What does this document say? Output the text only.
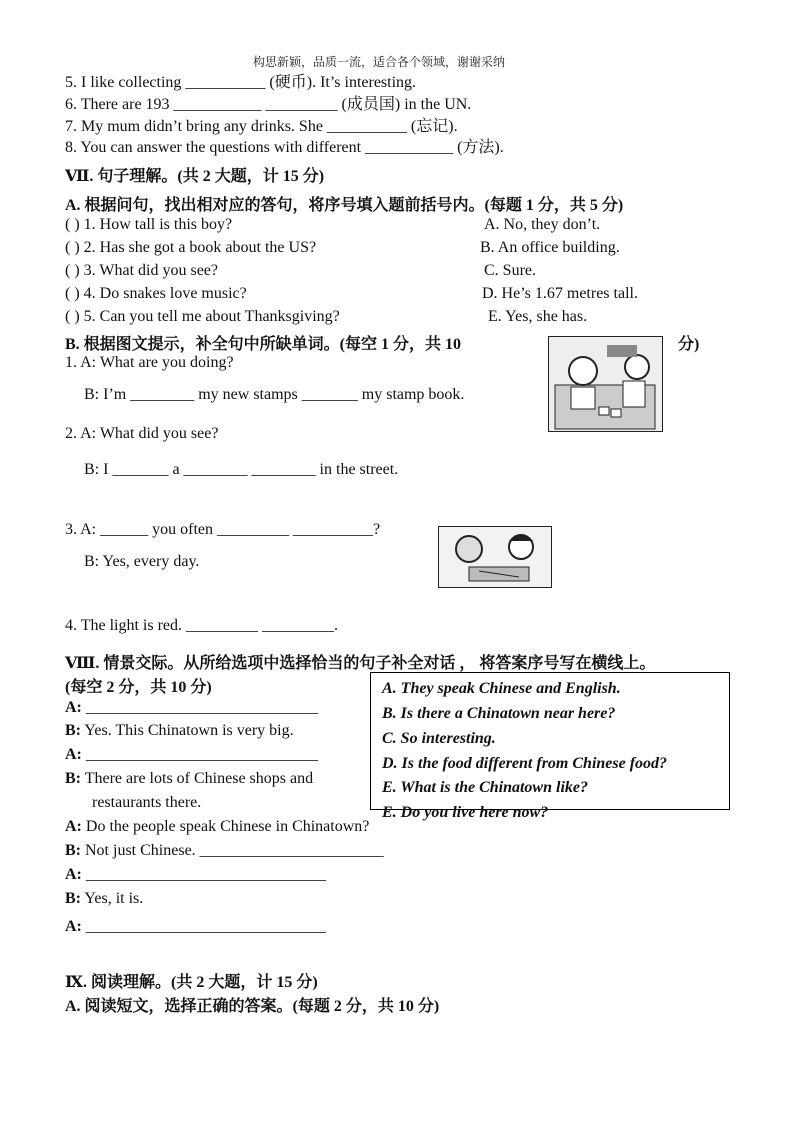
构思新颖，品质一流，适合各个领域，谢谢采纳
5. I like collecting __________ (硬币). It’s interesting.
6. There are 193 ___________ _________ (成员国) in the UN.
7. My mum didn’t bring any drinks. She __________ (忘记).
8. You can answer the questions with different ___________ (方法).
Ⅶ. 句子理解。(共 2 大题，计 15 分)
A. 根据问句，找出相对应的答句，将序号填入题前括号内。(每题 1 分，共 5 分)
( ) 1. How tall is this boy?
( ) 2. Has she got a book about the US?
( ) 3. What did you see?
( ) 4. Do snakes love music?
( ) 5. Can you tell me about Thanksgiving?
A. No, they don’t.
B. An office building.
C. Sure.
D. He’s 1.67 metres tall.
E. Yes, she has.
B. 根据图文提示，补全句中所缺单词。(每空 1 分，共 10	分)
1. A: What are you doing?
B: I’m ________ my new stamps _______ my stamp book.
2. A: What did you see?
B: I _______ a ________ ________ in the street.
3. A: ______ you often _________ __________?
B: Yes, every day.
4. The light is red. _________ _________.
Ⅷ. 情景交际。从所给选项中选择恰当的句子补全对话 ， 将答案序号写在横线上。
(每空 2 分，共 10 分)	A. They speak Chinese and English.
B. Is there a Chinatown near here?
C. So interesting.
D. Is the food different from Chinese food?
E. What is the Chinatown like?
E. Do you live here now?
A: _____________________________
B: Yes. This Chinatown is very big.
A: _____________________________
B: There are lots of Chinese shops and
restaurants there.
A: Do the people speak Chinese in Chinatown?
B: Not just Chinese. _______________________
A: ______________________________
B: Yes, it is.
A: ______________________________
Ⅸ. 阅读理解。(共 2 大题，计 15 分)
A. 阅读短文，选择正确的答案。(每题 2 分，共 10 分)
